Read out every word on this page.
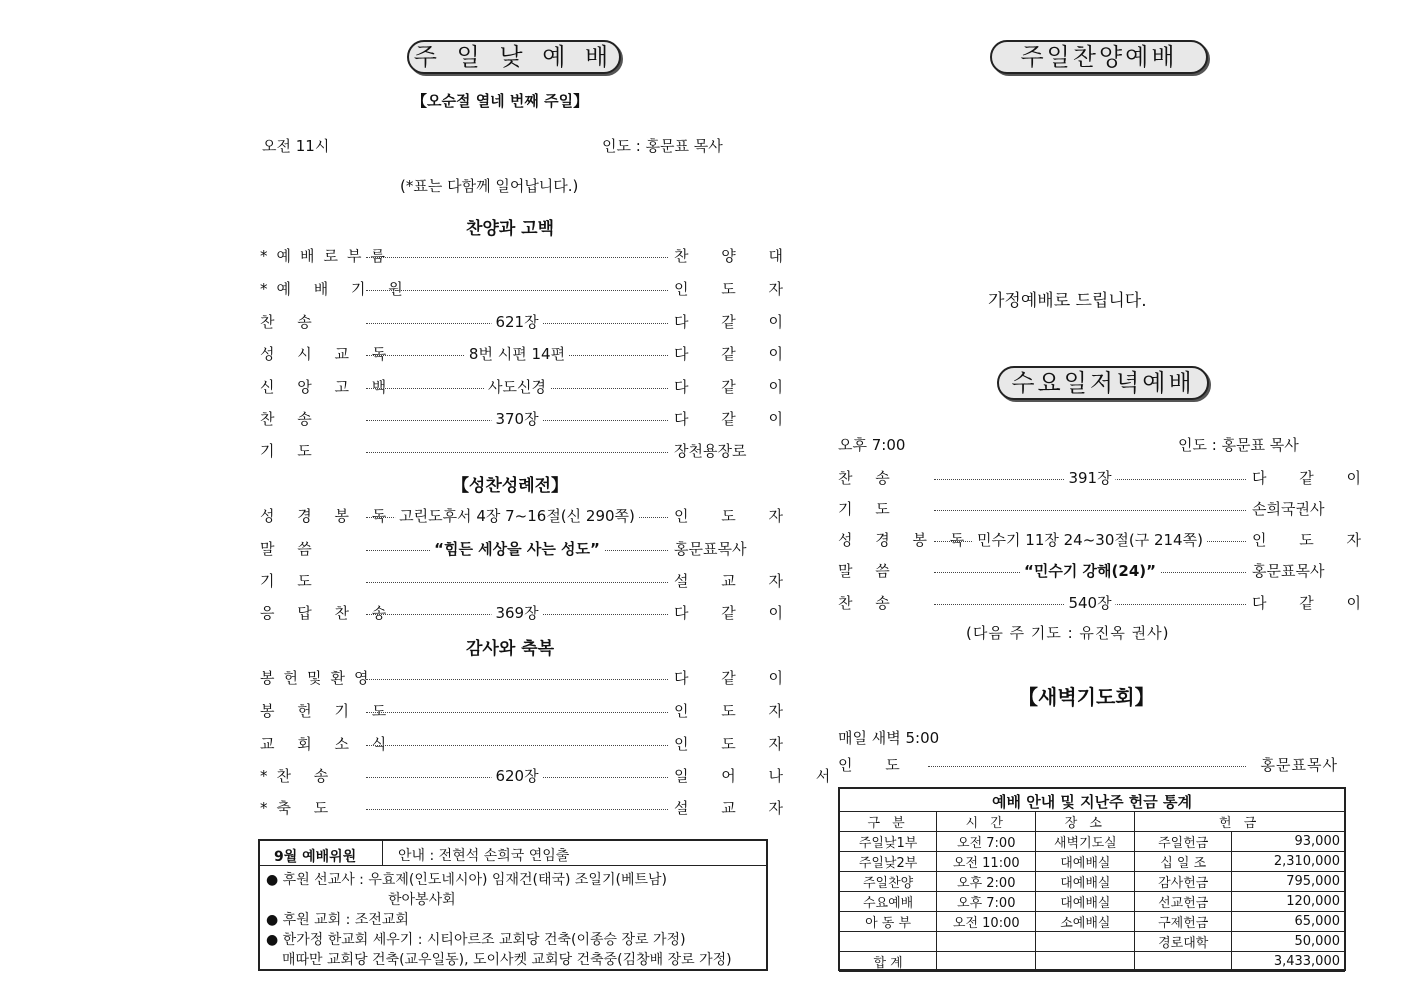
주 일 낮 예 배
【오순절 열네 번째 주일】
오전 11시	인도 : 홍문표 목사
(*표는 다함께 일어납니다.)
찬양과 고백
【성찬성례전】
감사와 축복
*예배로부름	찬 양 대
*예 배 기 원	인 도 자
찬 송	621장	다 같 이
성 시 교 독	8번 시편 14편	다 같 이
신 앙 고 백	사도신경	다 같 이
찬 송	370장	다 같 이
기 도	장천용장로
성 경 봉 독 고린도후서 4장 7~16절(신 290쪽)	인 도 자
말 씀	“힘든 세상을 사는 성도”	홍문표목사
기 도	설 교 자
응 답 찬 송	369장	다 같 이
봉헌및환영	다 같 이
봉 헌 기 도	인 도 자
교 회 소 식	인 도 자
*찬 송	620장	일 어 나 서
*축 도	설 교 자
9월 예배위원	안내 : 전현석 손희국 연임출
● 후원 선교사 : 우효제(인도네시아) 임재건(태국) 조일기(베트남)
한아봉사회
● 후원 교회 : 조전교회
● 한가정 한교회 세우기 : 시티아르조 교회당 건축(이종승 장로 가정)
매따만 교회당 건축(교우일동), 도이사켓 교회당 건축중(김창배 장로 가정)
주일찬양예배
가정예배로 드립니다.
수요일저녁예배
오후 7:00	인도 : 홍문표 목사
찬 송	391장	다 같 이
기 도	손희국권사
성 경 봉 독 민수기 11장 24~30절(구 214쪽)	인 도 자
말 씀	“민수기 강해(24)”	홍문표목사
찬 송	540장	다 같 이
(다음 주 기도 : 유진옥 권사)
【새벽기도회】
매일 새벽 5:00
인 도	홍문표목사
예배 안내 및 지난주 헌금 통계
구 분	시 간	장 소	헌 금	
주일낮1부	오전 7:00	새벽기도실	주일헌금	93,000
주일낮2부	오전 11:00	대예배실	십 일 조	2,310,000
주일찬양	오후 2:00	대예배실	감사헌금	795,000
수요예배	오후 7:00	대예배실	선교헌금	120,000
아 동 부	오전 10:00	소예배실	구제헌금	65,000
			경로대학	50,000
합 계				3,433,000
